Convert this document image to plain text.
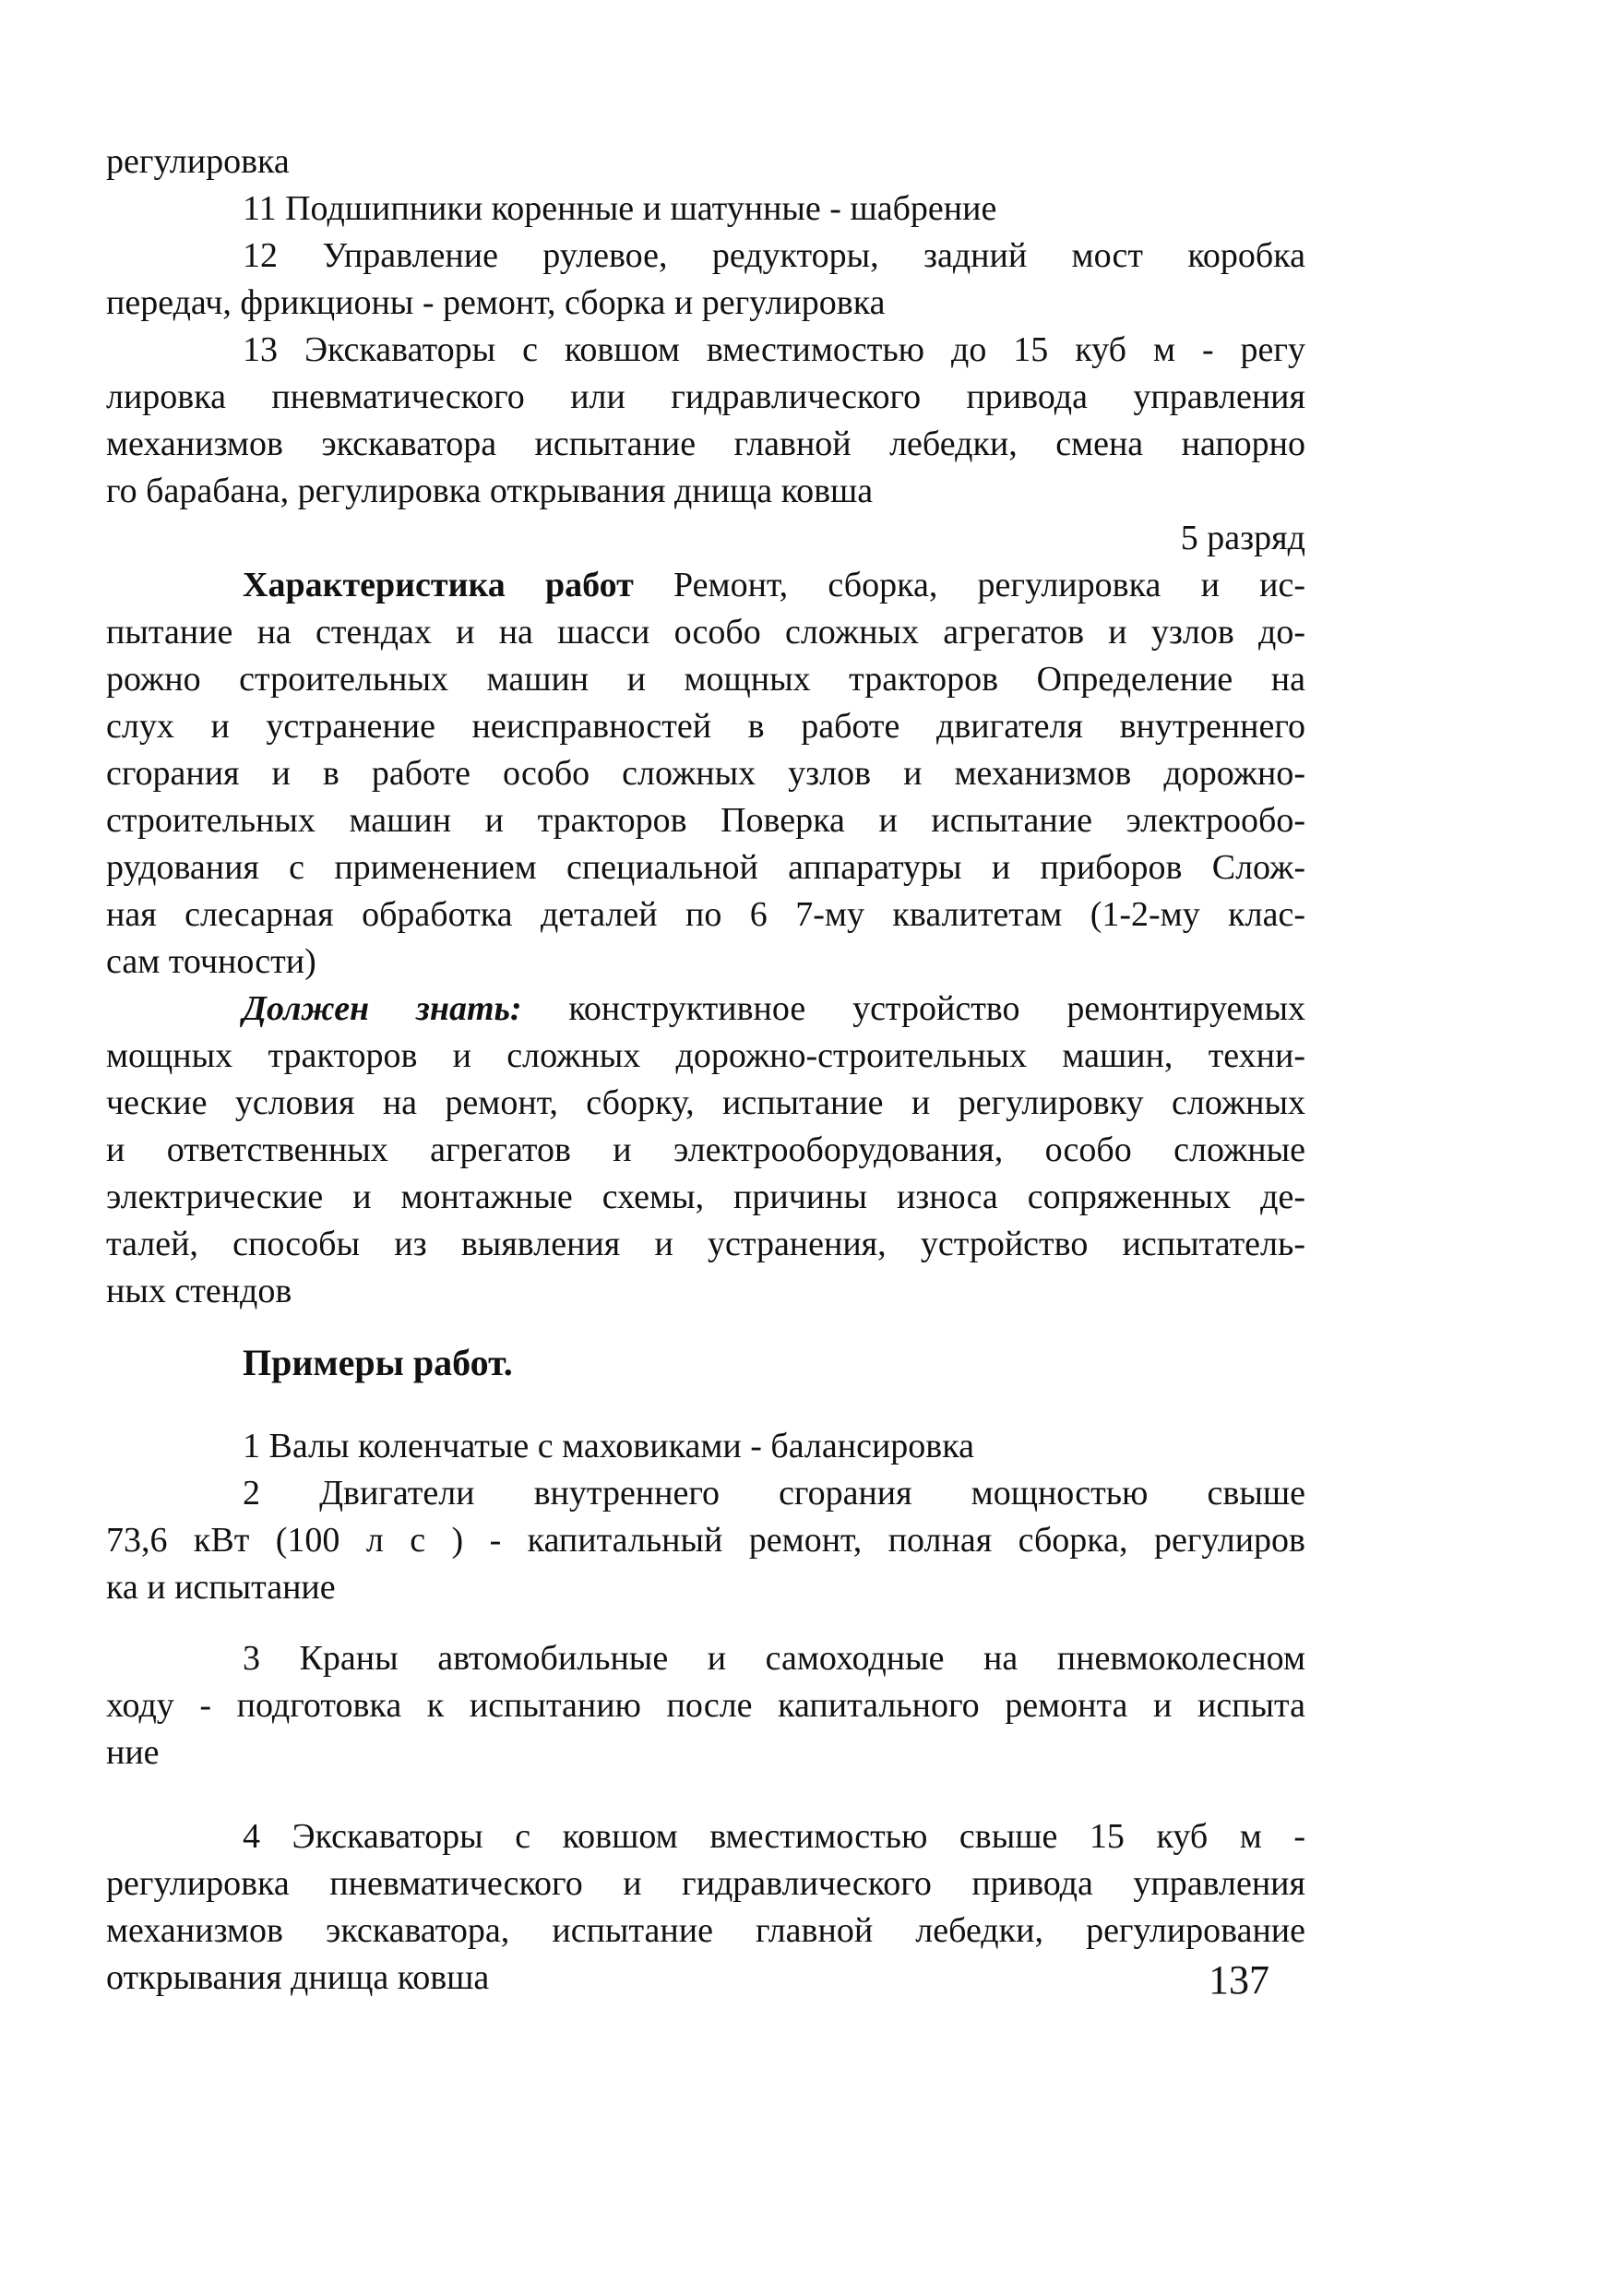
регулировка
11 Подшипники коренные и шатунные - шабрение
12 Управление рулевое, редукторы, задний мост коробка
передач, фрикционы - ремонт, сборка и регулировка
13 Экскаваторы с ковшом вместимостью до 15 куб м - регу
лировка пневматического или гидравлического привода управления
механизмов экскаватора испытание главной лебедки, смена напорно
го барабана, регулировка открывания днища ковша
5 разряд
Характеристика работ Ремонт, сборка, регулировка и ис-
пытание на стендах и на шасси особо сложных агрегатов и узлов до-
рожно строительных машин и мощных тракторов Определение на
слух и устранение неисправностей в работе двигателя внутреннего
сгорания и в работе особо сложных узлов и механизмов дорожно-
строительных машин и тракторов Поверка и испытание электрообо-
рудования с применением специальной аппаратуры и приборов Слож-
ная слесарная обработка деталей по 6 7-му квалитетам (1-2-му клас-
сам точности)
Должен знать: конструктивное устройство ремонтируемых
мощных тракторов и сложных дорожно-строительных машин, техни-
ческие условия на ремонт, сборку, испытание и регулировку сложных
и ответственных агрегатов и электрооборудования, особо сложные
электрические и монтажные схемы, причины износа сопряженных де-
талей, способы из выявления и устранения, устройство испытатель-
ных стендов
Примеры работ.
1 Валы коленчатые с маховиками - балансировка
2 Двигатели внутреннего сгорания мощностью свыше
73,6 кВт (100 л с ) - капитальный ремонт, полная сборка, регулиров
ка и испытание
3 Краны автомобильные и самоходные на пневмоколесном
ходу - подготовка к испытанию после капитального ремонта и испыта
ние
4 Экскаваторы с ковшом вместимостью свыше 15 куб м -
регулировка пневматического и гидравлического привода управления
механизмов экскаватора, испытание главной лебедки, регулирование
открывания днища ковша	137
